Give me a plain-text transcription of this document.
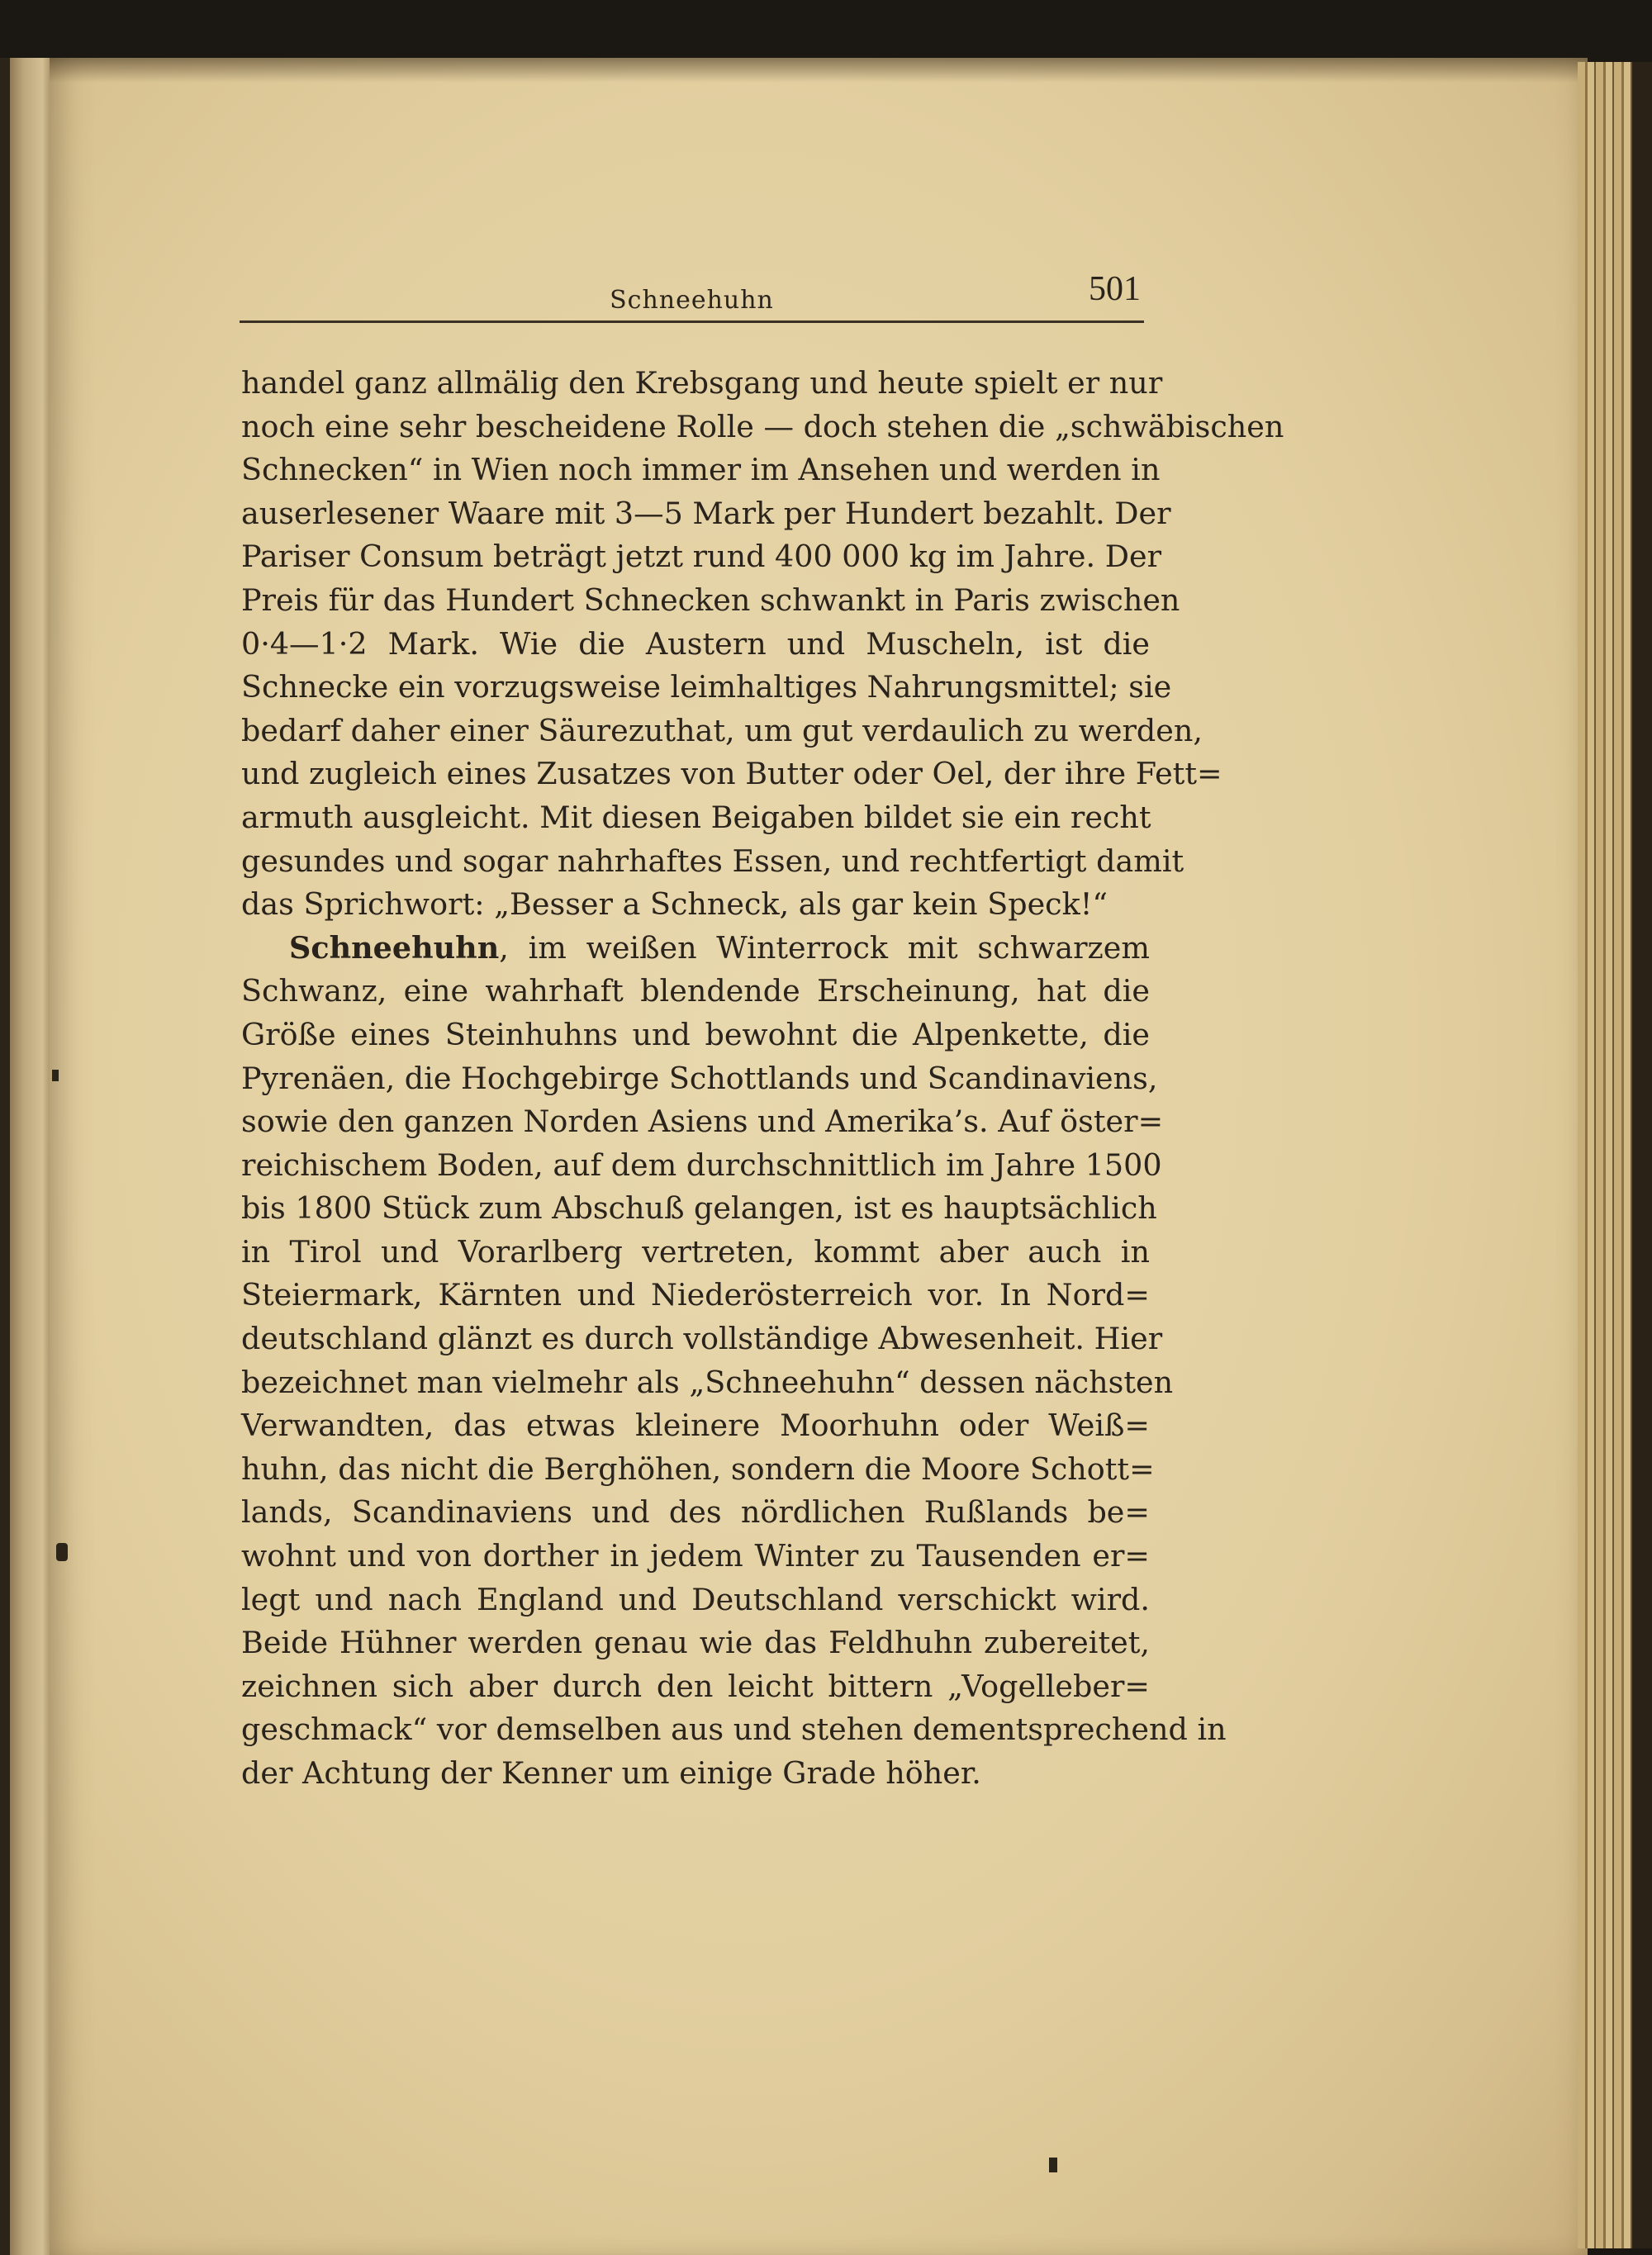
Schneehuhn	501
handel ganz allmälig den Krebsgang und heute spielt er nur
noch eine sehr bescheidene Rolle — doch stehen die „schwäbischen
Schnecken“ in Wien noch immer im Ansehen und werden in
auserlesener Waare mit 3—5 Mark per Hundert bezahlt. Der
Pariser Consum beträgt jetzt rund 400 000 kg im Jahre. Der
Preis für das Hundert Schnecken schwankt in Paris zwischen
0·4—1·2 Mark. Wie die Austern und Muscheln, ist die
Schnecke ein vorzugsweise leimhaltiges Nahrungsmittel; sie
bedarf daher einer Säurezuthat, um gut verdaulich zu werden,
und zugleich eines Zusatzes von Butter oder Oel, der ihre Fett=
armuth ausgleicht. Mit diesen Beigaben bildet sie ein recht
gesundes und sogar nahrhaftes Essen, und rechtfertigt damit
das Sprichwort: „Besser a Schneck, als gar kein Speck!“
Schneehuhn, im weißen Winterrock mit schwarzem
Schwanz, eine wahrhaft blendende Erscheinung, hat die
Größe eines Steinhuhns und bewohnt die Alpenkette, die
Pyrenäen, die Hochgebirge Schottlands und Scandinaviens,
sowie den ganzen Norden Asiens und Amerika’s. Auf öster=
reichischem Boden, auf dem durchschnittlich im Jahre 1500
bis 1800 Stück zum Abschuß gelangen, ist es hauptsächlich
in Tirol und Vorarlberg vertreten, kommt aber auch in
Steiermark, Kärnten und Niederösterreich vor. In Nord=
deutschland glänzt es durch vollständige Abwesenheit. Hier
bezeichnet man vielmehr als „Schneehuhn“ dessen nächsten
Verwandten, das etwas kleinere Moorhuhn oder Weiß=
huhn, das nicht die Berghöhen, sondern die Moore Schott=
lands, Scandinaviens und des nördlichen Rußlands be=
wohnt und von dorther in jedem Winter zu Tausenden er=
legt und nach England und Deutschland verschickt wird.
Beide Hühner werden genau wie das Feldhuhn zubereitet,
zeichnen sich aber durch den leicht bittern „Vogelleber=
geschmack“ vor demselben aus und stehen dementsprechend in
der Achtung der Kenner um einige Grade höher.
